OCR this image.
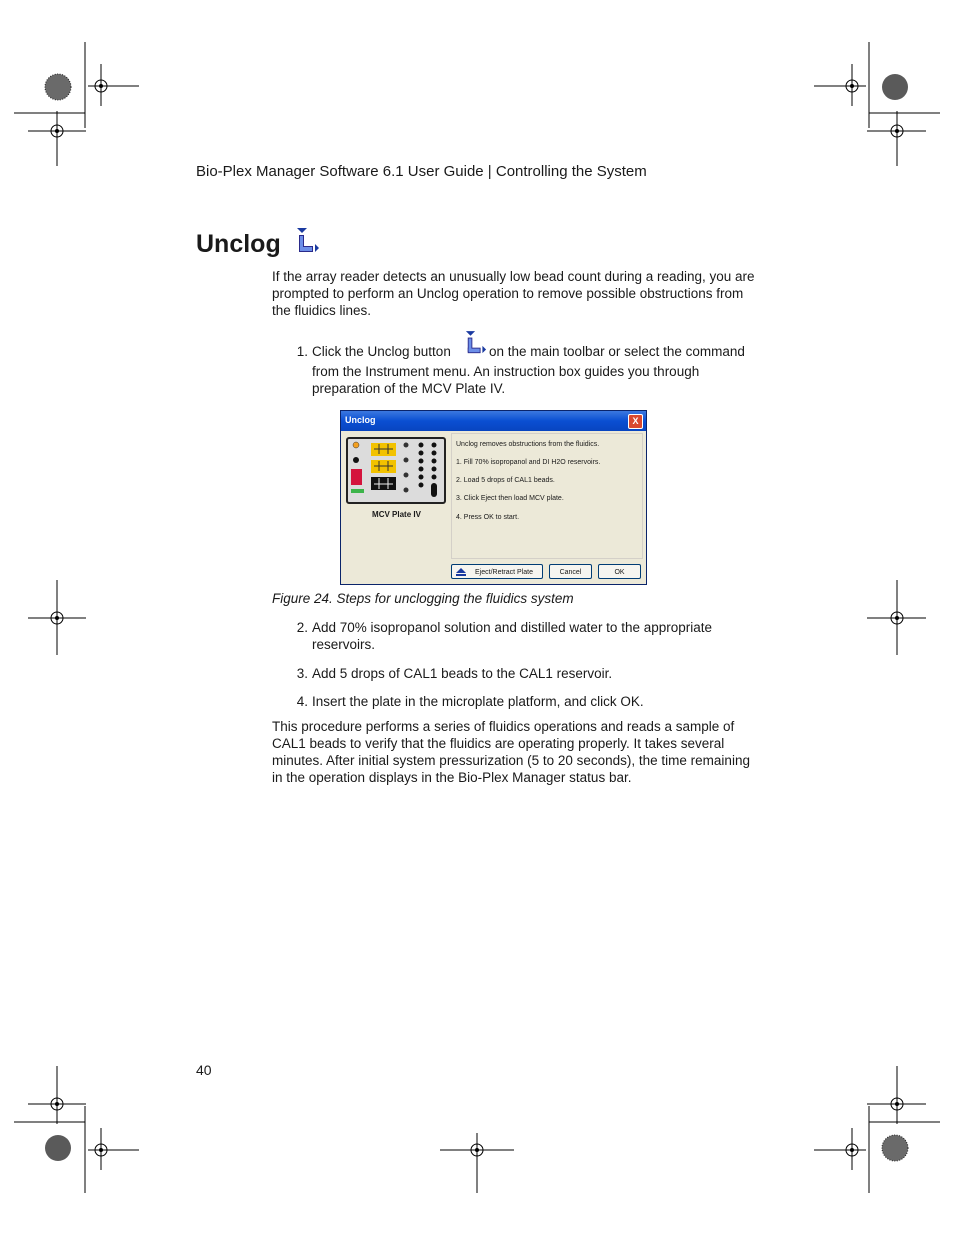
Bio-Plex Manager Software 6.1 User Guide | Controlling the System
Unclog
If the array reader detects an unusually low bead count during a reading, you are prompted to perform an Unclog operation to remove possible obstructions from the fluidics lines.
1. Click the Unclog button	on the main toolbar or select the command
from the Instrument menu. An instruction box guides you through preparation of the MCV Plate IV.
Unclog	X
MCV Plate IV
Unclog removes obstructions from the fluidics.
1. Fill 70% isopropanol and DI H2O reservoirs.
2. Load 5 drops of CAL1 beads.
3. Click Eject then load MCV plate.
4. Press OK to start.
Eject/Retract Plate	Cancel	OK
Figure 24. Steps for unclogging the fluidics system
2. Add 70% isopropanol solution and distilled water to the appropriate reservoirs.
3. Add 5 drops of CAL1 beads to the CAL1 reservoir.
4. Insert the plate in the microplate platform, and click OK.
This procedure performs a series of fluidics operations and reads a sample of CAL1 beads to verify that the fluidics are operating properly. It takes several minutes. After initial system pressurization (5 to 20 seconds), the time remaining in the operation displays in the Bio-Plex Manager status bar.
40
